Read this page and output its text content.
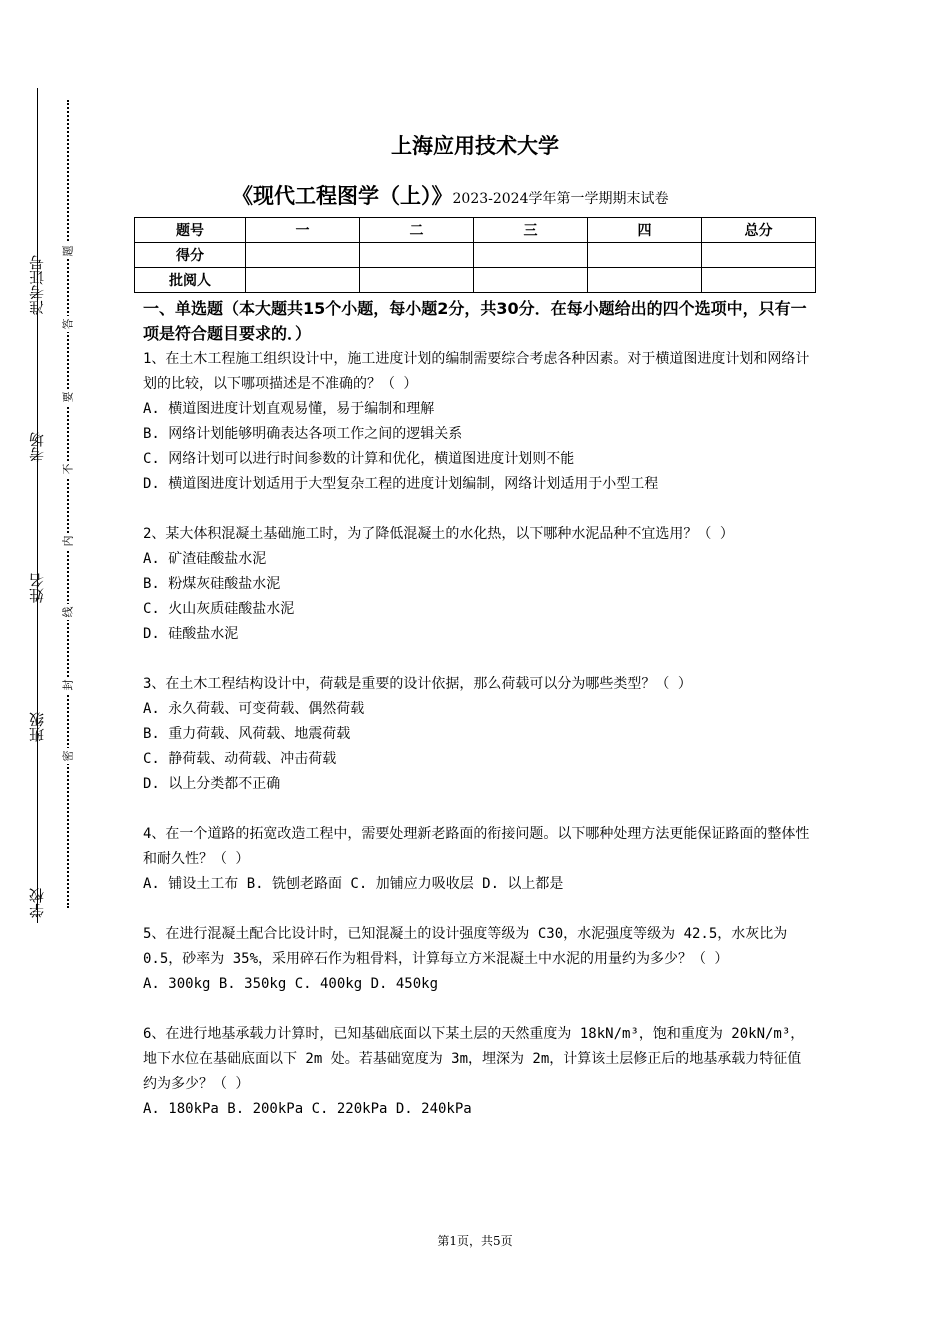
准考证号
考场
姓名
班级
学校
题
答
要
不
内
线
封
密
上海应用技术大学
《现代工程图学（上）》2023-2024学年第一学期期末试卷
题号	一	二	三	四	总分
得分					
批阅人					
一、单选题（本大题共15个小题，每小题2分，共30分．在每小题给出的四个选项中，只有一项是符合题目要求的．）
1、在土木工程施工组织设计中，施工进度计划的编制需要综合考虑各种因素。对于横道图进度计划和网络计划的比较，以下哪项描述是不准确的？（ ）
A. 横道图进度计划直观易懂，易于编制和理解
B. 网络计划能够明确表达各项工作之间的逻辑关系
C. 网络计划可以进行时间参数的计算和优化，横道图进度计划则不能
D. 横道图进度计划适用于大型复杂工程的进度计划编制，网络计划适用于小型工程
2、某大体积混凝土基础施工时，为了降低混凝土的水化热，以下哪种水泥品种不宜选用？（ ）
A. 矿渣硅酸盐水泥
B. 粉煤灰硅酸盐水泥
C. 火山灰质硅酸盐水泥
D. 硅酸盐水泥
3、在土木工程结构设计中，荷载是重要的设计依据，那么荷载可以分为哪些类型？（ ）
A. 永久荷载、可变荷载、偶然荷载
B. 重力荷载、风荷载、地震荷载
C. 静荷载、动荷载、冲击荷载
D. 以上分类都不正确
4、在一个道路的拓宽改造工程中，需要处理新老路面的衔接问题。以下哪种处理方法更能保证路面的整体性和耐久性？（ ）
A. 铺设土工布 B. 铣刨老路面 C. 加铺应力吸收层 D. 以上都是
5、在进行混凝土配合比设计时，已知混凝土的设计强度等级为 C30，水泥强度等级为 42.5，水灰比为 0.5，砂率为 35%，采用碎石作为粗骨料，计算每立方米混凝土中水泥的用量约为多少？（ ）
A. 300kg B. 350kg C. 400kg D. 450kg
6、在进行地基承载力计算时，已知基础底面以下某土层的天然重度为 18kN/m³，饱和重度为 20kN/m³，地下水位在基础底面以下 2m 处。若基础宽度为 3m，埋深为 2m，计算该土层修正后的地基承载力特征值约为多少？（ ）
A. 180kPa B. 200kPa C. 220kPa D. 240kPa
第1页，共5页
